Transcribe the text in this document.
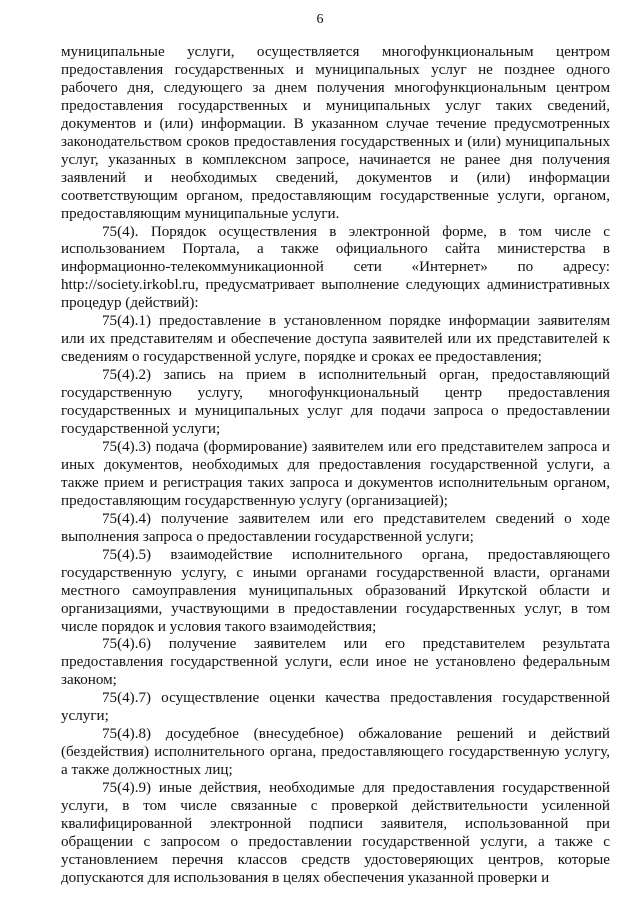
6

муниципальные услуги, осуществляется многофункциональным центром предоставления государственных и муниципальных услуг не позднее одного рабочего дня, следующего за днем получения многофункциональным центром предоставления государственных и муниципальных услуг таких сведений, документов и (или) информации. В указанном случае течение предусмотренных законодательством сроков предоставления государственных и (или) муниципальных услуг, указанных в комплексном запросе, начинается не ранее дня получения заявлений и необходимых сведений, документов и (или) информации соответствующим органом, предоставляющим государственные услуги, органом, предоставляющим муниципальные услуги.

75(4). Порядок осуществления в электронной форме, в том числе с использованием Портала, а также официального сайта министерства в информационно-телекоммуникационной сети «Интернет» по адресу: http://society.irkobl.ru, предусматривает выполнение следующих административных процедур (действий):

75(4).1) предоставление в установленном порядке информации заявителям или их представителям и обеспечение доступа заявителей или их представителей к сведениям о государственной услуге, порядке и сроках ее предоставления;

75(4).2) запись на прием в исполнительный орган, предоставляющий государственную услугу, многофункциональный центр предоставления государственных и муниципальных услуг для подачи запроса о предоставлении государственной услуги;

75(4).3) подача (формирование) заявителем или его представителем запроса и иных документов, необходимых для предоставления государственной услуги, а также прием и регистрация таких запроса и документов исполнительным органом, предоставляющим государственную услугу (организацией);

75(4).4) получение заявителем или его представителем сведений о ходе выполнения запроса о предоставлении государственной услуги;

75(4).5) взаимодействие исполнительного органа, предоставляющего государственную услугу, с иными органами государственной власти, органами местного самоуправления муниципальных образований Иркутской области и организациями, участвующими в предоставлении государственных услуг, в том числе порядок и условия такого взаимодействия;

75(4).6) получение заявителем или его представителем результата предоставления государственной услуги, если иное не установлено федеральным законом;

75(4).7) осуществление оценки качества предоставления государственной услуги;

75(4).8) досудебное (внесудебное) обжалование решений и действий (бездействия) исполнительного органа, предоставляющего государственную услугу, а также должностных лиц;

75(4).9) иные действия, необходимые для предоставления государственной услуги, в том числе связанные с проверкой действительности усиленной квалифицированной электронной подписи заявителя, использованной при обращении с запросом о предоставлении государственной услуги, а также с установлением перечня классов средств удостоверяющих центров, которые допускаются для использования в целях обеспечения указанной проверки и
